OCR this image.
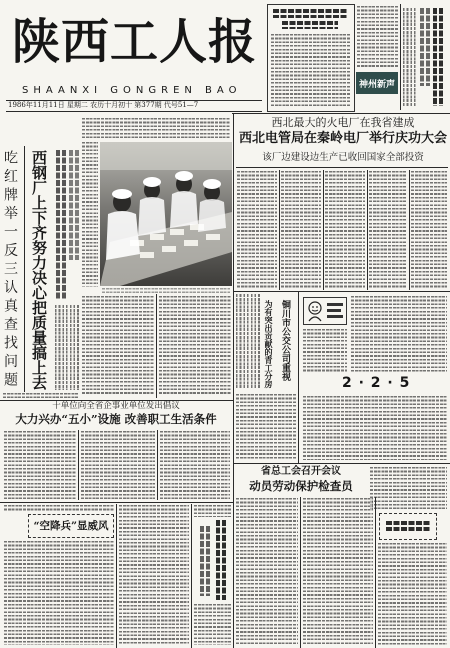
陕西工人报
SHAANXI GONGREN BAO
1986年11月11日 星期二 农历十月初十 第377期 代号51—7
神州新声
吃红牌举一反三认真查找问题 西钢厂上下齐努力决心把质量搞上去
西北最大的火电厂在我省建成
西北电管局在秦岭电厂举行庆功大会
该厂边建设边生产已收回国家全部投资
铜川市公交公司重视
为有突出贡献的青工分房	2 · 2 · 5
十单位向全省企事业单位发出倡议
大力兴办“五小”设施 改善职工生活条件
“空降兵”显威风
省总工会召开会议
动员劳动保护检查员
